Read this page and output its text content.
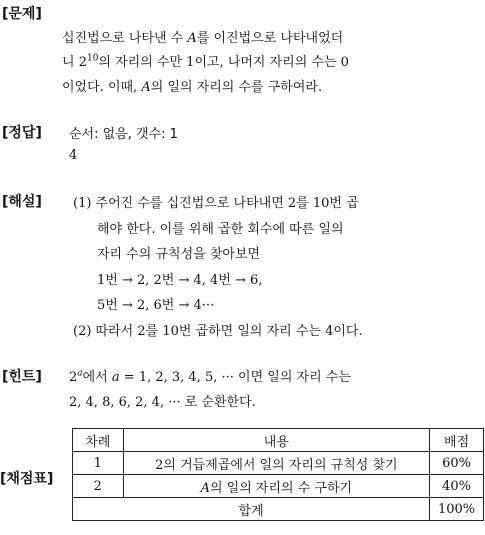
[문제]
십진법으로 나타낸 수 A를 이진법으로 나타내었더
니 $2^{10}$의 자리의 수만 1이고, 나머지 자리의 수는 0
이었다. 이때, A의 일의 자리의 수를 구하여라.
[정답] 순서: 없음, 갯수: 1
4
[해설] (1) 주어진 수를 십진법으로 나타내면 2를 10번 곱
해야 한다. 이를 위해 곱한 회수에 따른 일의
자리 수의 규칙성을 찾아보면
1번 → 2, 2번 → 4, 4번 → 6,
5번 → 2, 6번 → 4···
(2) 따라서 2를 10번 곱하면 일의 자리 수는 4이다.
[힌트] 2$^a$에서 a = 1, 2, 3, 4, 5, ··· 이면 일의 자리 수는
2, 4, 8, 6, 2, 4, ··· 로 순환한다.
[채점표]
차례	내용	배점
1	2의 거듭제곱에서 일의 자리의 규칙성 찾기	60%
2	A의 일의 자리의 수 구하기	40%
합계		100%
